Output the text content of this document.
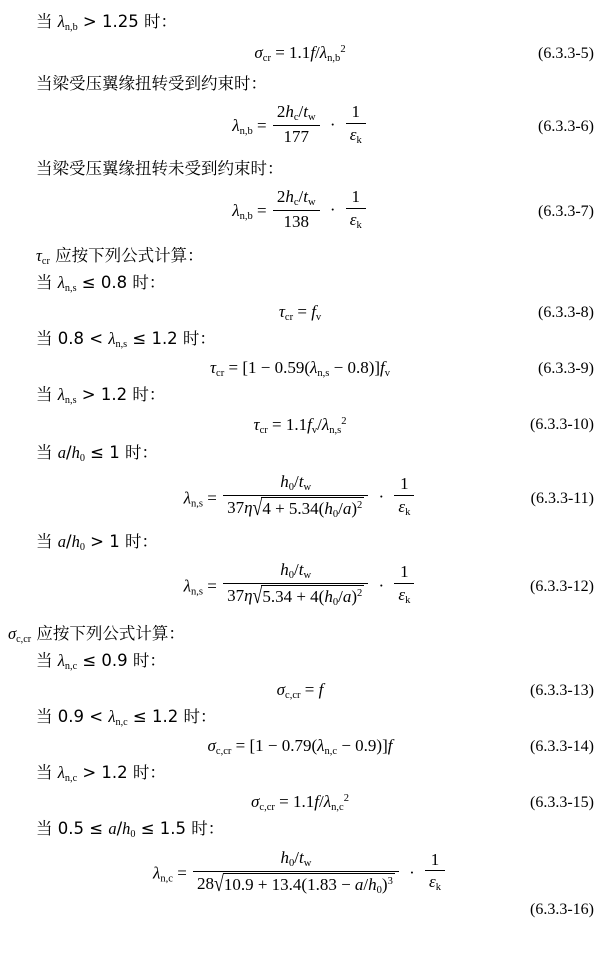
当 $\lambda_{n,b} > 1.25$ 时：
$\sigma_{cr} = 1.1f/\lambda_{n,b}^2$	(6.3.3-5)
当梁受压翼缘扭转受到约束时：
$\lambda_{n,b} = \frac{2h_c/t_w}{177} \cdot \frac{1}{\varepsilon_k}$	(6.3.3-6)
当梁受压翼缘扭转未受到约束时：
$\lambda_{n,b} = \frac{2h_c/t_w}{138} \cdot \frac{1}{\varepsilon_k}$	(6.3.3-7)
$\tau_{cr}$ 应按下列公式计算：
当 $\lambda_{n,s} \le 0.8$ 时：
$\tau_{cr} = f_v$	(6.3.3-8)
当 $0.8 < \lambda_{n,s} \le 1.2$ 时：
$\tau_{cr} = [1 - 0.59(\lambda_{n,s} - 0.8)]f_v$	(6.3.3-9)
当 $\lambda_{n,s} > 1.2$ 时：
$\tau_{cr} = 1.1f_v/\lambda_{n,s}^2$	(6.3.3-10)
当 $a/h_0 \le 1$ 时：
$\lambda_{n,s} = \frac{h_0/t_w}{37\eta√4 + 5.34(h_0/a)^2} \cdot \frac{1}{\varepsilon_k}$	(6.3.3-11)
当 $a/h_0 > 1$ 时：
$\lambda_{n,s} = \frac{h_0/t_w}{37\eta√5.34 + 4(h_0/a)^2} \cdot \frac{1}{\varepsilon_k}$	(6.3.3-12)
$\sigma_{c,cr}$ 应按下列公式计算：
当 $\lambda_{n,c} \le 0.9$ 时：
$\sigma_{c,cr} = f$	(6.3.3-13)
当 $0.9 < \lambda_{n,c} \le 1.2$ 时：
$\sigma_{c,cr} = [1 - 0.79(\lambda_{n,c} - 0.9)]f$	(6.3.3-14)
当 $\lambda_{n,c} > 1.2$ 时：
$\sigma_{c,cr} = 1.1f/\lambda_{n,c}^2$	(6.3.3-15)
当 $0.5 \le a/h_0 \le 1.5$ 时：
$\lambda_{n,c} = \frac{h_0/t_w}{28√10.9 + 13.4(1.83 - a/h_0)^3} \cdot \frac{1}{\varepsilon_k}$
(6.3.3-16)
